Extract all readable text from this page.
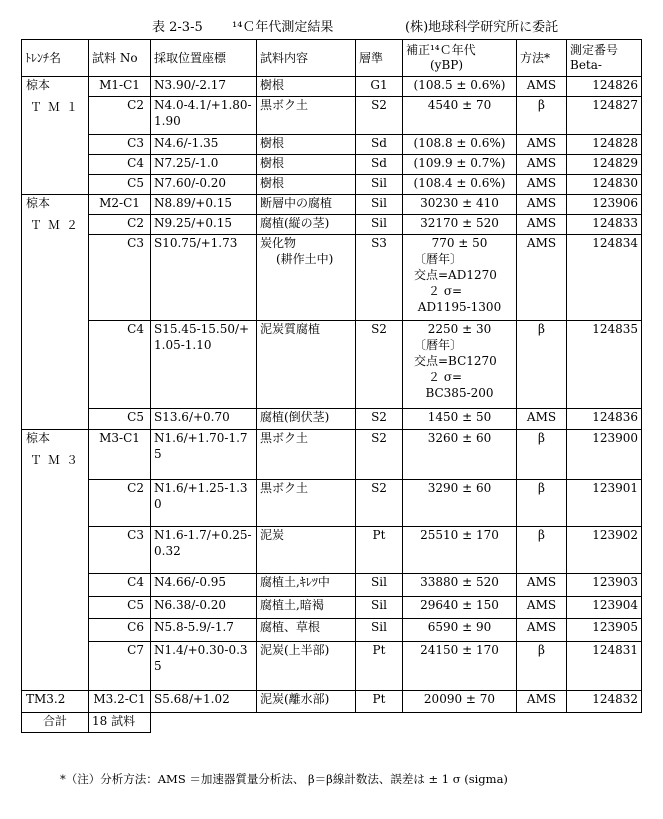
表 2-3-5 ¹⁴Ｃ年代測定結果	(株)地球科学研究所に委託
ﾄﾚﾝﾁ名	試料 No	採取位置座標	試料内容	層準	補正¹⁴Ｃ年代
(yBP)	方法*	測定番号
Beta-
椋本
ＴＭ１	M1-C1	N3.90/-2.17	樹根	G1	(108.5 ± 0.6%)	AMS	124826
	C2	N4.0-4.1/+1.80-1.90	黒ボク土	S2	4540 ± 70	β	124827
	C3	N4.6/-1.35	樹根	Sd	(108.8 ± 0.6%)	AMS	124828
	C4	N7.25/-1.0	樹根	Sd	(109.9 ± 0.7%)	AMS	124829
	C5	N7.60/-0.20	樹根	Sil	(108.4 ± 0.6%)	AMS	124830
椋本
ＴＭ２	M2-C1	N8.89/+0.15	断層中の腐植	Sil	30230 ± 410	AMS	123906
	C2	N9.25/+0.15	腐植(縦の茎)	Sil	32170 ± 520	AMS	124833
	C3	S10.75/+1.73	炭化物
(耕作土中)	S3	770 ± 50
〔暦年〕
交点=AD1270
２ σ=
AD1195-1300	AMS	124834
	C4	S15.45-15.50/+1.05-1.10	泥炭質腐植	S2	2250 ± 30
〔暦年〕
交点=BC1270
２ σ=
BC385-200	β	124835
	C5	S13.6/+0.70	腐植(倒伏茎)	S2	1450 ± 50	AMS	124836
椋本
ＴＭ３	M3-C1	N1.6/+1.70-1.75	黒ボク土	S2	3260 ± 60	β	123900
	C2	N1.6/+1.25-1.30	黒ボク土	S2	3290 ± 60	β	123901
	C3	N1.6-1.7/+0.25-0.32	泥炭	Pt	25510 ± 170	β	123902
	C4	N4.66/-0.95	腐植土,ｷﾚﾂ中	Sil	33880 ± 520	AMS	123903
	C5	N6.38/-0.20	腐植土,暗褐	Sil	29640 ± 150	AMS	123904
	C6	N5.8-5.9/-1.7	腐植、草根	Sil	6590 ± 90	AMS	123905
	C7	N1.4/+0.30-0.35	泥炭(上半部)	Pt	24150 ± 170	β	124831
TM3.2	M3.2-C1	S5.68/+1.02	泥炭(離水部)	Pt	20090 ± 70	AMS	124832
合計	18 試料						
*（注）分析方法：AMS ＝加速器質量分析法、 β＝β線計数法、誤差は ± 1 σ (sigma)
